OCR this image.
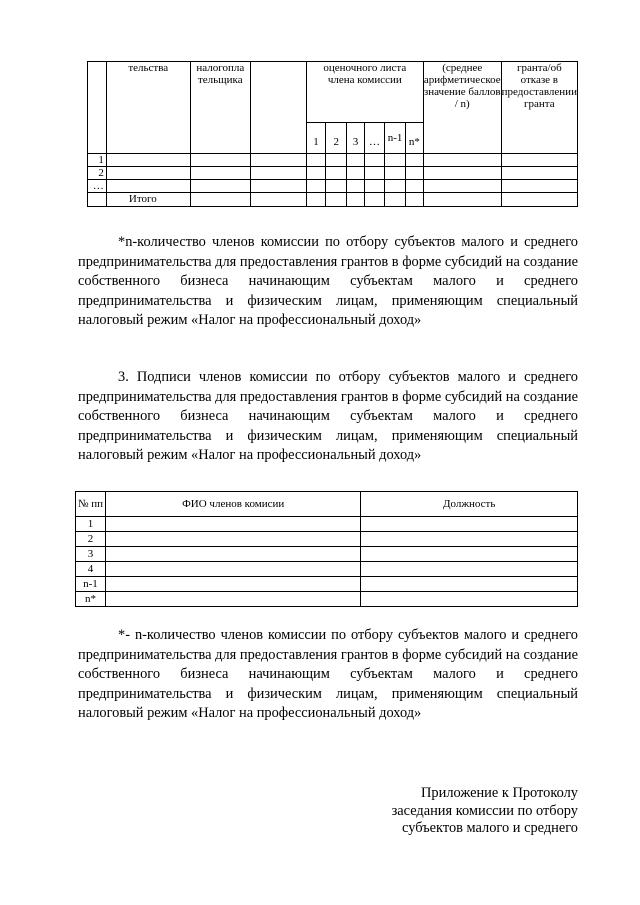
	тельства	налогоплательщика		оценочного листа члена комиссии						(среднее арифметическое значение баллов / n)	гранта/об отказе в предоставлении гранта
				1	2	3	…	n-1	n*		
1											
2											
…											
	Итого										

*n-количество членов комиссии по отбору субъектов малого и среднего предпринимательства для предоставления грантов в форме субсидий на создание собственного бизнеса начинающим субъектам малого и среднего предпринимательства и физическим лицам, применяющим специальный налоговый режим «Налог на профессиональный доход»

3. Подписи членов комиссии по отбору субъектов малого и среднего предпринимательства для предоставления грантов в форме субсидий на создание собственного бизнеса начинающим субъектам малого и среднего предпринимательства и физическим лицам, применяющим специальный налоговый режим «Налог на профессиональный доход»

№ пп	ФИО членов комисии	Должность
1		
2		
3		
4		
n-1		
n*		

*- n-количество членов комиссии по отбору субъектов малого и среднего предпринимательства для предоставления грантов в форме субсидий на создание собственного бизнеса начинающим субъектам малого и среднего предпринимательства и физическим лицам, применяющим специальный налоговый режим «Налог на профессиональный доход»

Приложение к Протоколу
заседания комиссии по отбору
субъектов малого и среднего
